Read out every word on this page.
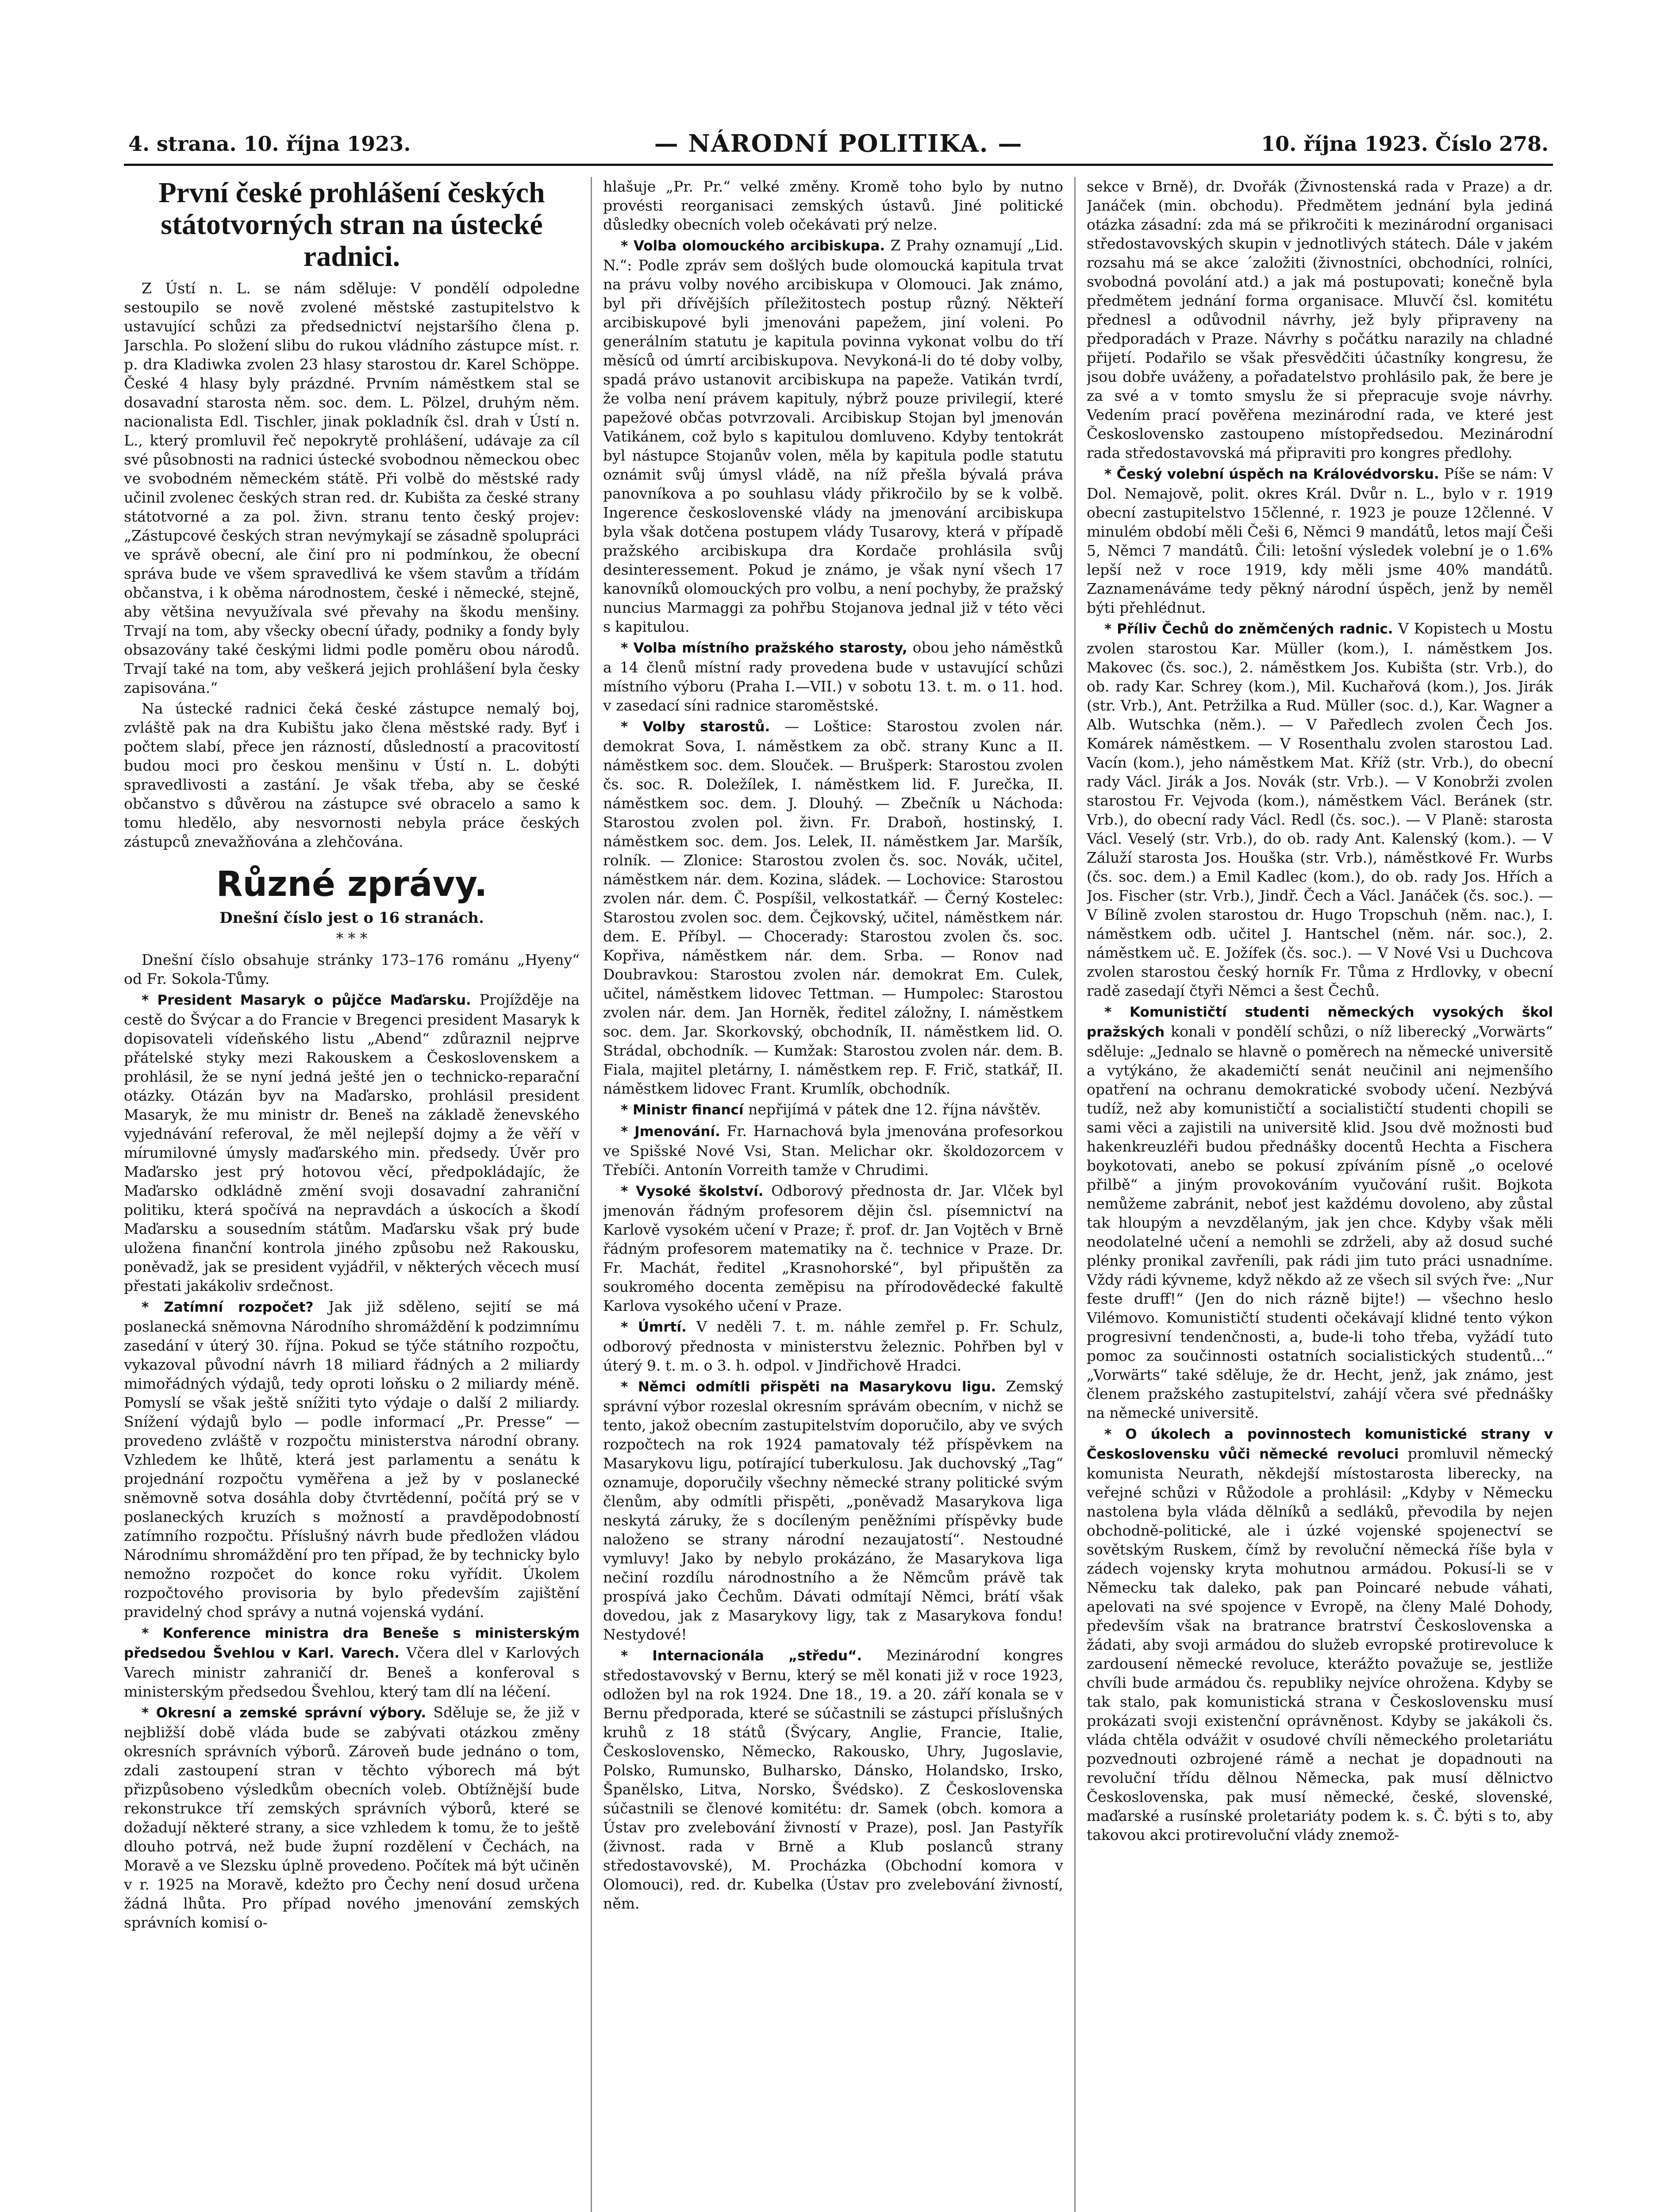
4. strana. 10. října 1923.	— NÁRODNÍ POLITIKA. —	10. října 1923. Číslo 278.
První české prohlášení českých státotvorných stran na ústecké radnici.

Z Ústí n. L. se nám sděluje: V pondělí odpoledne sestoupilo se nově zvolené městské zastupitelstvo k ustavující schůzi za předsednictví nejstaršího člena p. Jarschla. Po složení slibu do rukou vládního zástupce míst. r. p. dra Kladiwka zvolen 23 hlasy starostou dr. Karel Schöppe. České 4 hlasy byly prázdné. Prvním náměstkem stal se dosavadní starosta něm. soc. dem. L. Pölzel, druhým něm. nacionalista Edl. Tischler, jinak pokladník čsl. drah v Ústí n. L., který promluvil řeč nepokrytě prohlášení, udávaje za cíl své působnosti na radnici ústecké svobodnou německou obec ve svobodném německém státě. Při volbě do městské rady učinil zvolenec českých stran red. dr. Kubišta za české strany státotvorné a za pol. živn. stranu tento český projev: „Zástupcové českých stran nevýmykají se zásadně spolupráci ve správě obecní, ale činí pro ni podmínkou, že obecní správa bude ve všem spravedlivá ke všem stavům a třídám občanstva, i k oběma národnostem, české i německé, stejně, aby většina nevyužívala své převahy na škodu menšiny. Trvají na tom, aby všecky obecní úřady, podniky a fondy byly obsazovány také českými lidmi podle poměru obou národů. Trvají také na tom, aby veškerá jejich prohlášení byla česky zapisována.“

Na ústecké radnici čeká české zástupce nemalý boj, zvláště pak na dra Kubištu jako člena městské rady. Byť i počtem slabí, přece jen rázností, důsledností a pracovitostí budou moci pro českou menšinu v Ústí n. L. dobýti spravedlivosti a zastání. Je však třeba, aby se české občanstvo s důvěrou na zástupce své obracelo a samo k tomu hledělo, aby nesvornosti nebyla práce českých zástupců znevažňována a zlehčována.

Různé zprávy.
Dnešní číslo jest o 16 stranách.
* * *

Dnešní číslo obsahuje stránky 173–176 románu „Hyeny“ od Fr. Sokola-Tůmy.

* President Masaryk o půjčce Maďarsku. Projížděje na cestě do Švýcar a do Francie v Bregenci president Masaryk k dopisovateli vídeňského listu „Abend“ zdůraznil nejprve přátelské styky mezi Rakouskem a Československem a prohlásil, že se nyní jedná ješté jen o technicko-reparační otázky. Otázán byv na Maďarsko, prohlásil president Masaryk, že mu ministr dr. Beneš na základě ženevského vyjednávání referoval, že měl nejlepší dojmy a že věří v mírumilovné úmysly maďarského min. předsedy. Úvěr pro Maďarsko jest prý hotovou věcí, předpokládajíc, že Maďarsko odkládně změní svoji dosavadní zahraniční politiku, která spočívá na nepravdách a úskocích a škodí Maďarsku a sousedním státům. Maďarsku však prý bude uložena finanční kontrola jiného způsobu než Rakousku, poněvadž, jak se president vyjádřil, v některých věcech musí přestati jakákoliv srdečnost.

* Zatímní rozpočet? Jak již sděleno, sejití se má poslanecká sněmovna Národního shromáždění k podzimnímu zasedání v úterý 30. října. Pokud se týče státního rozpočtu, vykazoval původní návrh 18 miliard řádných a 2 miliardy mimořádných výdajů, tedy oproti loňsku o 2 miliardy méně. Pomyslí se však ještě snížiti tyto výdaje o další 2 miliardy. Snížení výdajů bylo — podle informací „Pr. Presse“ — provedeno zvláště v rozpočtu ministerstva národní obrany. Vzhledem ke lhůtě, která jest parlamentu a senátu k projednání rozpočtu vyměřena a jež by v poslanecké sněmovně sotva dosáhla doby čtvrtědenní, počítá prý se v poslaneckých kruzích s možností a pravděpodobností zatímního rozpočtu. Příslušný návrh bude předložen vládou Národnímu shromáždění pro ten případ, že by technicky bylo nemožno rozpočet do konce roku vyřídit. Úkolem rozpočtového provisoria by bylo především zajištění pravidelný chod správy a nutná vojenská vydání.

* Konference ministra dra Beneše s ministerským předsedou Švehlou v Karl. Varech. Včera dlel v Karlových Varech ministr zahraničí dr. Beneš a konferoval s ministerským předsedou Švehlou, který tam dlí na léčení.

* Okresní a zemské správní výbory. Sděluje se, že již v nejbližší době vláda bude se zabývati otázkou změny okresních správních výborů. Zároveň bude jednáno o tom, zdali zastoupení stran v těchto výborech má být přizpůsobeno výsledkům obecních voleb. Obtížnější bude rekonstrukce tří zemských správních výborů, které se dožadují některé strany, a sice vzhledem k tomu, že to ještě dlouho potrvá, než bude župní rozdělení v Čechách, na Moravě a ve Slezsku úplně provedeno. Počítek má být učiněn v r. 1925 na Moravě, kdežto pro Čechy není dosud určena žádná lhůta. Pro případ nového jmenování zemských správních komisí o-

hlašuje „Pr. Pr.“ velké změny. Kromě toho bylo by nutno provésti reorganisaci zemských ústavů. Jiné politické důsledky obecních voleb očekávati prý nelze.

* Volba olomouckého arcibiskupa. Z Prahy oznamují „Lid. N.“: Podle zpráv sem došlých bude olomoucká kapitula trvat na právu volby nového arcibiskupa v Olomouci. Jak známo, byl při dřívějších příležitostech postup různý. Někteří arcibiskupové byli jmenováni papežem, jiní voleni. Po generálním statutu je kapitula povinna vykonat volbu do tří měsíců od úmrtí arcibiskupova. Nevykoná-li do té doby volby, spadá právo ustanovit arcibiskupa na papeže. Vatikán tvrdí, že volba není právem kapituly, nýbrž pouze privilegií, které papežové občas potvrzovali. Arcibiskup Stojan byl jmenován Vatikánem, což bylo s kapitulou domluveno. Kdyby tentokrát byl nástupce Stojanův volen, měla by kapitula podle statutu oznámit svůj úmysl vládě, na níž přešla bývalá práva panovníkova a po souhlasu vlády přikročilo by se k volbě. Ingerence československé vlády na jmenování arcibiskupa byla však dotčena postupem vlády Tusarovy, která v případě pražského arcibiskupa dra Kordače prohlásila svůj desinteressement. Pokud je známo, je však nyní všech 17 kanovníků olomouckých pro volbu, a není pochyby, že pražský nuncius Marmaggi za pohřbu Stojanova jednal již v této věci s kapitulou.

* Volba místního pražského starosty, obou jeho náměstků a 14 členů místní rady provedena bude v ustavující schůzi místního výboru (Praha I.—VII.) v sobotu 13. t. m. o 11. hod. v zasedací síni radnice staroměstské.

* Volby starostů. — Loštice: Starostou zvolen nár. demokrat Sova, I. náměstkem za obč. strany Kunc a II. náměstkem soc. dem. Slouček. — Brušperk: Starostou zvolen čs. soc. R. Doležílek, I. náměstkem lid. F. Jurečka, II. náměstkem soc. dem. J. Dlouhý. — Zbečník u Náchoda: Starostou zvolen pol. živn. Fr. Draboň, hostinský, I. náměstkem soc. dem. Jos. Lelek, II. náměstkem Jar. Maršík, rolník. — Zlonice: Starostou zvolen čs. soc. Novák, učitel, náměstkem nár. dem. Kozina, sládek. — Lochovice: Starostou zvolen nár. dem. Č. Pospíšil, velkostatkář. — Černý Kostelec: Starostou zvolen soc. dem. Čejkovský, učitel, náměstkem nár. dem. E. Příbyl. — Chocerady: Starostou zvolen čs. soc. Kopřiva, náměstkem nár. dem. Srba. — Ronov nad Doubravkou: Starostou zvolen nár. demokrat Em. Culek, učitel, náměstkem lidovec Tettman. — Humpolec: Starostou zvolen nár. dem. Jan Horněk, ředitel záložny, I. náměstkem soc. dem. Jar. Skorkovský, obchodník, II. náměstkem lid. O. Strádal, obchodník. — Kumžak: Starostou zvolen nár. dem. B. Fiala, majitel pletárny, I. náměstkem rep. F. Frič, statkář, II. náměstkem lidovec Frant. Krumlík, obchodník.

* Ministr financí nepřijímá v pátek dne 12. října návštěv.

* Jmenování. Fr. Harnachová byla jmenována profesorkou ve Spišské Nové Vsi, Stan. Melichar okr. školdozorcem v Třebíči. Antonín Vorreith tamže v Chrudimi.

* Vysoké školství. Odborový přednosta dr. Jar. Vlček byl jmenován řádným profesorem dějin čsl. písemnictví na Karlově vysokém učení v Praze; ř. prof. dr. Jan Vojtěch v Brně řádným profesorem matematiky na č. technice v Praze. Dr. Fr. Machát, ředitel „Krasnohorské“, byl připuštěn za soukromého docenta zeměpisu na přírodovědecké fakultě Karlova vysokého učení v Praze.

* Úmrtí. V neděli 7. t. m. náhle zemřel p. Fr. Schulz, odborový přednosta v ministerstvu železnic. Pohřben byl v úterý 9. t. m. o 3. h. odpol. v Jindřichově Hradci.

* Němci odmítli přispěti na Masarykovu ligu. Zemský správní výbor rozeslal okresním správám obecním, v nichž se tento, jakož obecním zastupitelstvím doporučilo, aby ve svých rozpočtech na rok 1924 pamatovaly též příspěvkem na Masarykovu ligu, potírající tuberkulosu. Jak duchovský „Tag“ oznamuje, doporučily všechny německé strany politické svým členům, aby odmítli přispěti, „poněvadž Masarykova liga neskytá záruky, že s docíleným peněžními příspěvky bude naloženo se strany národní nezaujatostí“. Nestoudné vymluvy! Jako by nebylo prokázáno, že Masarykova liga nečiní rozdílu národnostního a že Němcům právě tak prospívá jako Čechům. Dávati odmítají Němci, brátí však dovedou, jak z Masarykovy ligy, tak z Masarykova fondu! Nestydové!

* Internacionála „středu“. Mezinárodní kongres středostavovský v Bernu, který se měl konati již v roce 1923, odložen byl na rok 1924. Dne 18., 19. a 20. září konala se v Bernu předporada, které se súčastnili se zástupci příslušných kruhů z 18 států (Švýcary, Anglie, Francie, Italie, Československo, Německo, Rakousko, Uhry, Jugoslavie, Polsko, Rumunsko, Bulharsko, Dánsko, Holandsko, Irsko, Španělsko, Litva, Norsko, Švédsko). Z Československa súčastnili se členové komitétu: dr. Samek (obch. komora a Ústav pro zvelebování živností v Praze), posl. Jan Pastyřík (živnost. rada v Brně a Klub poslanců strany středostavovské), M. Procházka (Obchodní komora v Olomouci), red. dr. Kubelka (Ústav pro zvelebování živností, něm.

sekce v Brně), dr. Dvořák (Živnostenská rada v Praze) a dr. Janáček (min. obchodu). Předmětem jednání byla jediná otázka zásadní: zda má se přikročiti k mezinárodní organisaci středostavovských skupin v jednotlivých státech. Dále v jakém rozsahu má se akce ´založiti (živnostníci, obchodníci, rolníci, svobodná povolání atd.) a jak má postupovati; konečně byla předmětem jednání forma organisace. Mluvčí čsl. komitétu přednesl a odůvodnil návrhy, jež byly připraveny na předporadách v Praze. Návrhy s počátku narazily na chladné přijetí. Podařilo se však přesvědčiti účastníky kongresu, že jsou dobře uváženy, a pořadatelstvo prohlásilo pak, že bere je za své a v tomto smyslu že si přepracuje svoje návrhy. Vedením prací pověřena mezinárodní rada, ve které jest Československo zastoupeno místopředsedou. Mezinárodní rada středostavovská má připraviti pro kongres předlohy.

* Český volební úspěch na Královédvorsku. Píše se nám: V Dol. Nemajově, polit. okres Král. Dvůr n. L., bylo v r. 1919 obecní zastupitelstvo 15členné, r. 1923 je pouze 12členné. V minulém období měli Češi 6, Němci 9 mandátů, letos mají Češi 5, Němci 7 mandátů. Čili: letošní výsledek volební je o 1.6% lepší než v roce 1919, kdy měli jsme 40% mandátů. Zaznamenáváme tedy pěkný národní úspěch, jenž by neměl býti přehlédnut.

* Příliv Čechů do zněmčených radnic. V Kopistech u Mostu zvolen starostou Kar. Müller (kom.), I. náměstkem Jos. Makovec (čs. soc.), 2. náměstkem Jos. Kubišta (str. Vrb.), do ob. rady Kar. Schrey (kom.), Mil. Kuchařová (kom.), Jos. Jirák (str. Vrb.), Ant. Petržilka a Rud. Müller (soc. d.), Kar. Wagner a Alb. Wutschka (něm.). — V Paředlech zvolen Čech Jos. Komárek náměstkem. — V Rosenthalu zvolen starostou Lad. Vacín (kom.), jeho náměstkem Mat. Kříž (str. Vrb.), do obecní rady Václ. Jirák a Jos. Novák (str. Vrb.). — V Konobrži zvolen starostou Fr. Vejvoda (kom.), náměstkem Václ. Beránek (str. Vrb.), do obecní rady Václ. Redl (čs. soc.). — V Planě: starosta Václ. Veselý (str. Vrb.), do ob. rady Ant. Kalenský (kom.). — V Záluží starosta Jos. Houška (str. Vrb.), náměstkové Fr. Wurbs (čs. soc. dem.) a Emil Kadlec (kom.), do ob. rady Jos. Hřích a Jos. Fischer (str. Vrb.), Jindř. Čech a Václ. Janáček (čs. soc.). — V Bílině zvolen starostou dr. Hugo Tropschuh (něm. nac.), I. náměstkem odb. učitel J. Hantschel (něm. nár. soc.), 2. náměstkem uč. E. Jožífek (čs. soc.). — V Nové Vsi u Duchcova zvolen starostou český horník Fr. Tůma z Hrdlovky, v obecní radě zasedají čtyři Němci a šest Čechů.

* Komunističtí studenti německých vysokých škol pražských konali v pondělí schůzi, o níž liberecký „Vorwärts“ sděluje: „Jednalo se hlavně o poměrech na německé universitě a vytýkáno, že akademičtí senát neučinil ani nejmenšího opatření na ochranu demokratické svobody učení. Nezbývá tudíž, než aby komunističtí a socialističtí studenti chopili se sami věci a zajistili na universitě klid. Jsou dvě možnosti buď hakenkreuzléři budou přednášky docentů Hechta a Fischera boykotovati, anebo se pokusí zpíváním písně „o ocelové přilbě“ a jiným provokováním vyučování rušit. Bojkota nemůžeme zabránit, neboť jest každému dovoleno, aby zůstal tak hloupým a nevzdělaným, jak jen chce. Kdyby však měli neodolatelné učení a nemohli se zdrželi, aby až dosud suché plénky pronikal zavřeníli, pak rádi jim tuto práci usnadníme. Vždy rádi kývneme, když někdo až ze všech sil svých řve: „Nur feste druff!“ (Jen do nich rázně bijte!) — všechno heslo Vilémovo. Komunističtí studenti očekávají klidné tento výkon progresivní tendenčnosti, a, bude-li toho třeba, vyžádí tuto pomoc za součinnosti ostatních socialistických studentů...“ „Vorwärts“ také sděluje, že dr. Hecht, jenž, jak známo, jest členem pražského zastupitelství, zahájí včera své přednášky na německé universitě.

* O úkolech a povinnostech komunistické strany v Československu vůči německé revoluci promluvil německý komunista Neurath, někdejší místostarosta libereckу, na veřejné schůzi v Růžodole a prohlásil: „Kdyby v Německu nastolena byla vláda dělníků a sedláků, převodila by nejen obchodně-politické, ale i úzké vojenské spojenectví se sovětským Ruskem, čímž by revoluční německá říše byla v zádech vojensky kryta mohutnou armádou. Pokusí-li se v Německu tak daleko, pak pan Poincaré nebude váhati, apelovati na své spojence v Evropě, na členy Malé Dohody, především však na bratrance bratrství Československa a žádati, aby svoji armádou do služeb evropské protirevoluce k zardousení německé revoluce, kterážto považuje se, jestliže chvíli bude armádou čs. republiky nejvíce ohrožena. Kdyby se tak stalo, pak komunistická strana v Československu musí prokázati svoji existenční oprávněnost. Kdyby se jakákoli čs. vláda chtěla odvážit v osudové chvíli německého proletariátu pozvednouti ozbrojené rámě a nechat je dopadnouti na revoluční třídu dělnou Německa, pak musí dělnictvo Československa, pak musí německé, české, slovenské, maďarské a rusínské proletariáty podem k. s. Č. býti s to, aby takovou akci protirevoluční vlády znemož-
